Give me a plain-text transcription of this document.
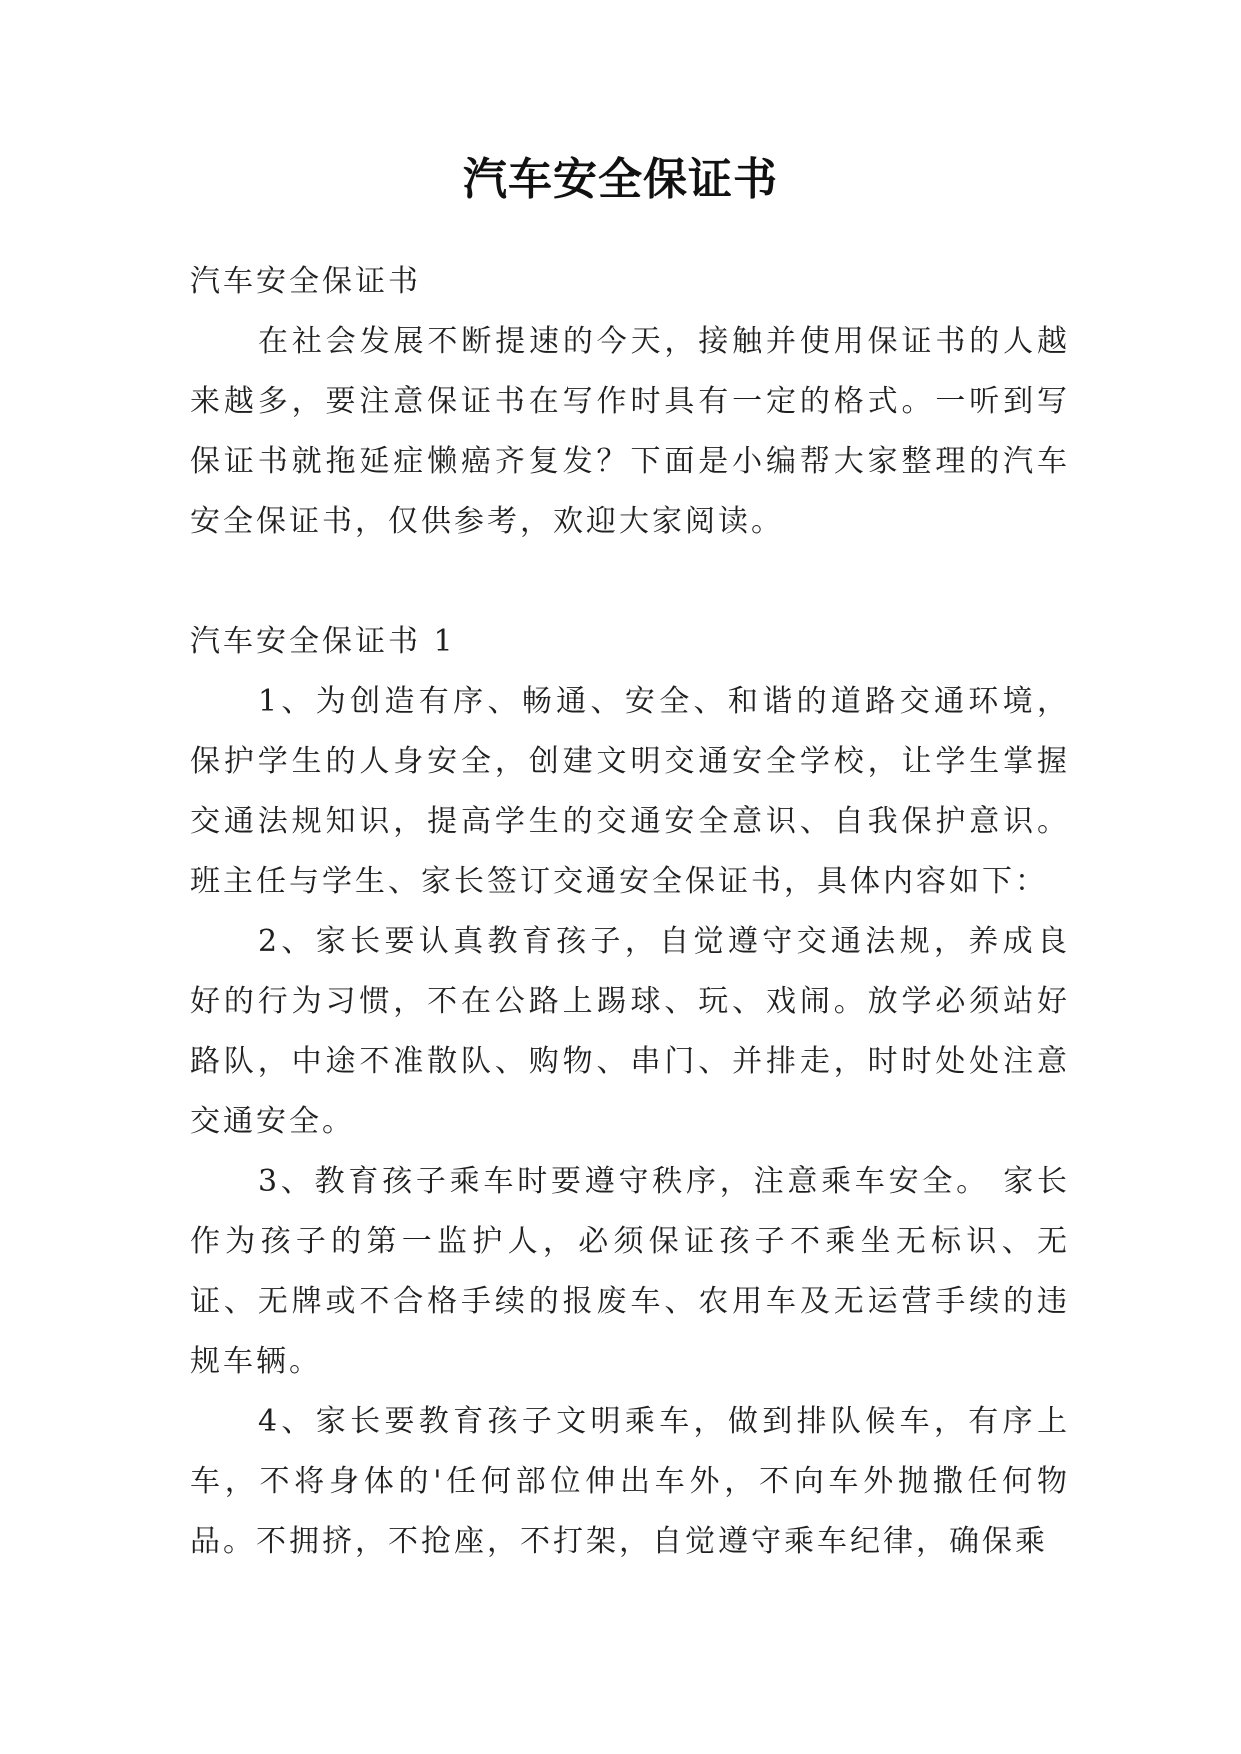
汽车安全保证书

汽车安全保证书

在社会发展不断提速的今天，接触并使用保证书的人越来越多，要注意保证书在写作时具有一定的格式。一听到写保证书就拖延症懒癌齐复发？下面是小编帮大家整理的汽车安全保证书，仅供参考，欢迎大家阅读。

汽车安全保证书 1

1、为创造有序、畅通、安全、和谐的道路交通环境，保护学生的人身安全，创建文明交通安全学校，让学生掌握交通法规知识，提高学生的交通安全意识、自我保护意识。班主任与学生、家长签订交通安全保证书，具体内容如下：

2、家长要认真教育孩子，自觉遵守交通法规，养成良好的行为习惯，不在公路上踢球、玩、戏闹。放学必须站好路队，中途不准散队、购物、串门、并排走，时时处处注意交通安全。

3、教育孩子乘车时要遵守秩序，注意乘车安全。 家长作为孩子的第一监护人，必须保证孩子不乘坐无标识、无证、无牌或不合格手续的报废车、农用车及无运营手续的违规车辆。

4、家长要教育孩子文明乘车，做到排队候车，有序上车，不将身体的'任何部位伸出车外，不向车外抛撒任何物品。不拥挤，不抢座，不打架，自觉遵守乘车纪律，确保乘
